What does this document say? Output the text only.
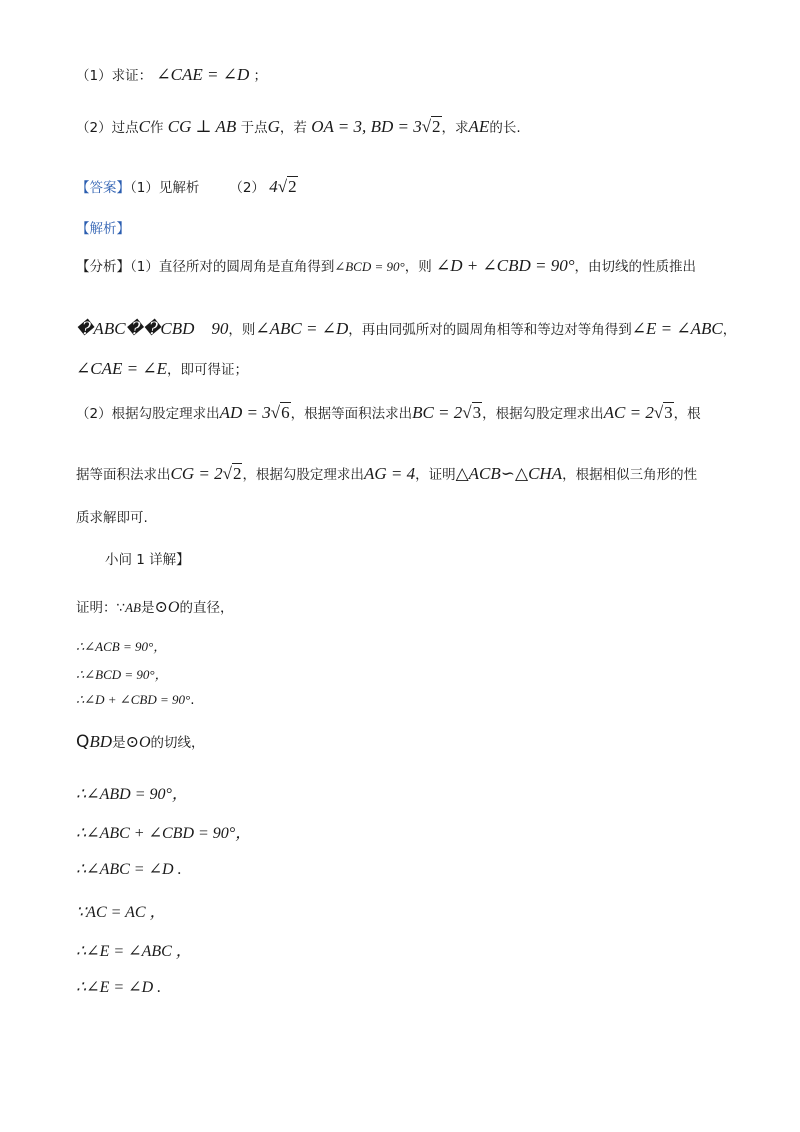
（1）求证： ∠CAE = ∠D ；
（2）过点C作 CG ⊥ AB 于点G，若 OA = 3, BD = 3√2，求AE的长.
【答案】（1）见解析 （2） 4√2
【解析】
【分析】（1）直径所对的圆周角是直角得到∠BCD = 90°，则 ∠D + ∠CBD = 90°，由切线的性质推出
�ABC��CBD    90，则∠ABC = ∠D，再由同弧所对的圆周角相等和等边对等角得到∠E = ∠ABC，
∠CAE = ∠E，即可得证；
（2）根据勾股定理求出AD = 3√6，根据等面积法求出BC = 2√3，根据勾股定理求出AC = 2√3，根
据等面积法求出CG = 2√2，根据勾股定理求出AG = 4，证明△ACB∽△CHA，根据相似三角形的性
质求解即可.
小问 1 详解】
证明：∵AB是⊙O的直径，
∴∠ACB = 90°，
∴∠BCD = 90°，
∴∠D + ∠CBD = 90°.
QBD是⊙O的切线，
∴∠ABD = 90°，
∴∠ABC + ∠CBD = 90°，
∴∠ABC = ∠D .
∵AC = AC ，
∴∠E = ∠ABC ，
∴∠E = ∠D .
